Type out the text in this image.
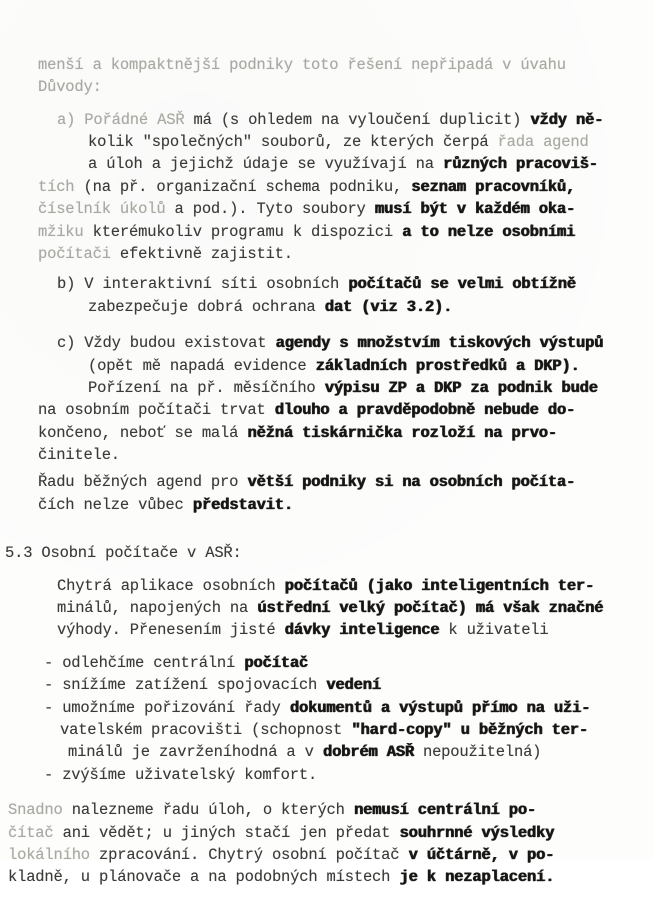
menší a kompaktnější podniky toto řešení nepřipadá v úvahu
Důvody:
a) Pořádné ASŘ má (s ohledem na vyloučení duplicit) vždy ně-
kolik "společných" souborů, ze kterých čerpá řada agend
a úloh a jejichž údaje se využívají na různých pracoviš-
tích (na př. organizační schema podniku, seznam pracovníků,
číselník úkolů a pod.). Tyto soubory musí být v každém oka-
mžiku kterémukoliv programu k dispozici a to nelze osobními
počítači efektivně zajistit.
b) V interaktivní síti osobních počítačů se velmi obtížně
zabezpečuje dobrá ochrana dat (viz 3.2).
c) Vždy budou existovat agendy s množstvím tiskových výstupů
(opět mě napadá evidence základních prostředků a DKP).
Pořízení na př. měsíčního výpisu ZP a DKP za podnik bude
na osobním počítači trvat dlouho a pravděpodobně nebude do-
končeno, neboť se malá něžná tiskárnička rozloží na prvo-
činitele.
Řadu běžných agend pro větší podniky si na osobních počíta-
čích nelze vůbec představit.
5.3 Osobní počítače v ASŘ:
Chytrá aplikace osobních počítačů (jako inteligentních ter-
minálů, napojených na ústřední velký počítač) má však značné
výhody. Přenesením jisté dávky inteligence k uživateli
- odlehčíme centrální počítač
- snížíme zatížení spojovacích vedení
- umožníme pořizování řady dokumentů a výstupů přímo na uži-
vatelském pracovišti (schopnost "hard-copy" u běžných ter-
minálů je zavrženíhodná a v dobrém ASŘ nepoužitelná)
- zvýšíme uživatelský komfort.
Snadno nalezneme řadu úloh, o kterých nemusí centrální po-
čítač ani vědět; u jiných stačí jen předat souhrnné výsledky
lokálního zpracování. Chytrý osobní počítač v účtárně, v po-
kladně, u plánovače a na podobných místech je k nezaplacení.
